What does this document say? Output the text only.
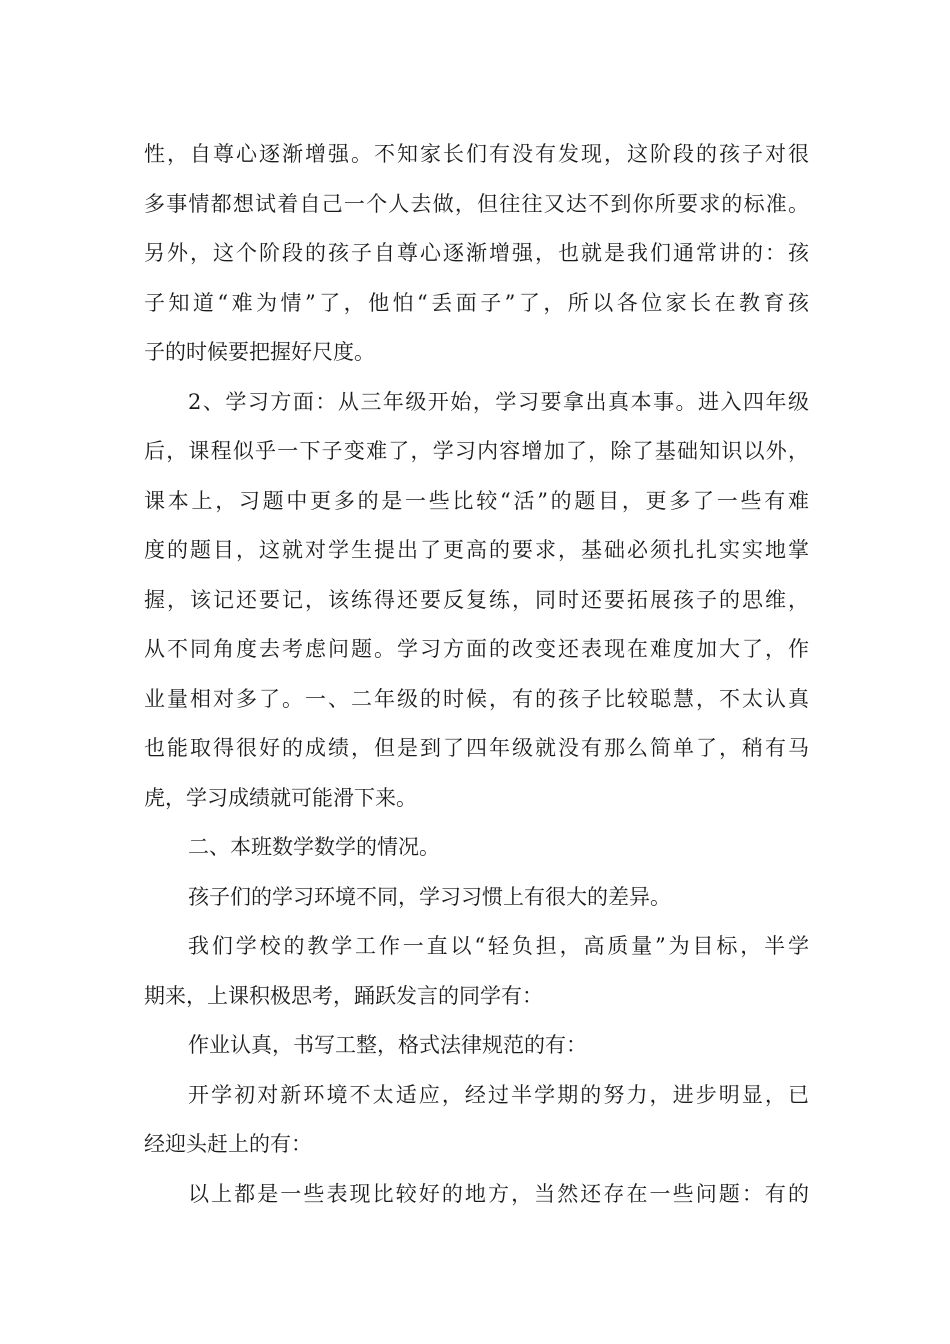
性，自尊心逐渐增强。不知家长们有没有发现，这阶段的孩子对很
多事情都想试着自己一个人去做，但往往又达不到你所要求的标准。
另外，这个阶段的孩子自尊心逐渐增强，也就是我们通常讲的：孩
子知道“难为情”了，他怕“丢面子”了，所以各位家长在教育孩
子的时候要把握好尺度。
2、学习方面：从三年级开始，学习要拿出真本事。进入四年级
后，课程似乎一下子变难了，学习内容增加了，除了基础知识以外，
课本上，习题中更多的是一些比较“活”的题目，更多了一些有难
度的题目，这就对学生提出了更高的要求，基础必须扎扎实实地掌
握，该记还要记，该练得还要反复练，同时还要拓展孩子的思维，
从不同角度去考虑问题。学习方面的改变还表现在难度加大了，作
业量相对多了。一、二年级的时候，有的孩子比较聪慧，不太认真
也能取得很好的成绩，但是到了四年级就没有那么简单了，稍有马
虎，学习成绩就可能滑下来。
二、本班数学数学的情况。
孩子们的学习环境不同，学习习惯上有很大的差异。
我们学校的教学工作一直以“轻负担，高质量”为目标，半学
期来，上课积极思考，踊跃发言的同学有：
作业认真，书写工整，格式法律规范的有：
开学初对新环境不太适应，经过半学期的努力，进步明显，已
经迎头赶上的有：
以上都是一些表现比较好的地方，当然还存在一些问题：有的
